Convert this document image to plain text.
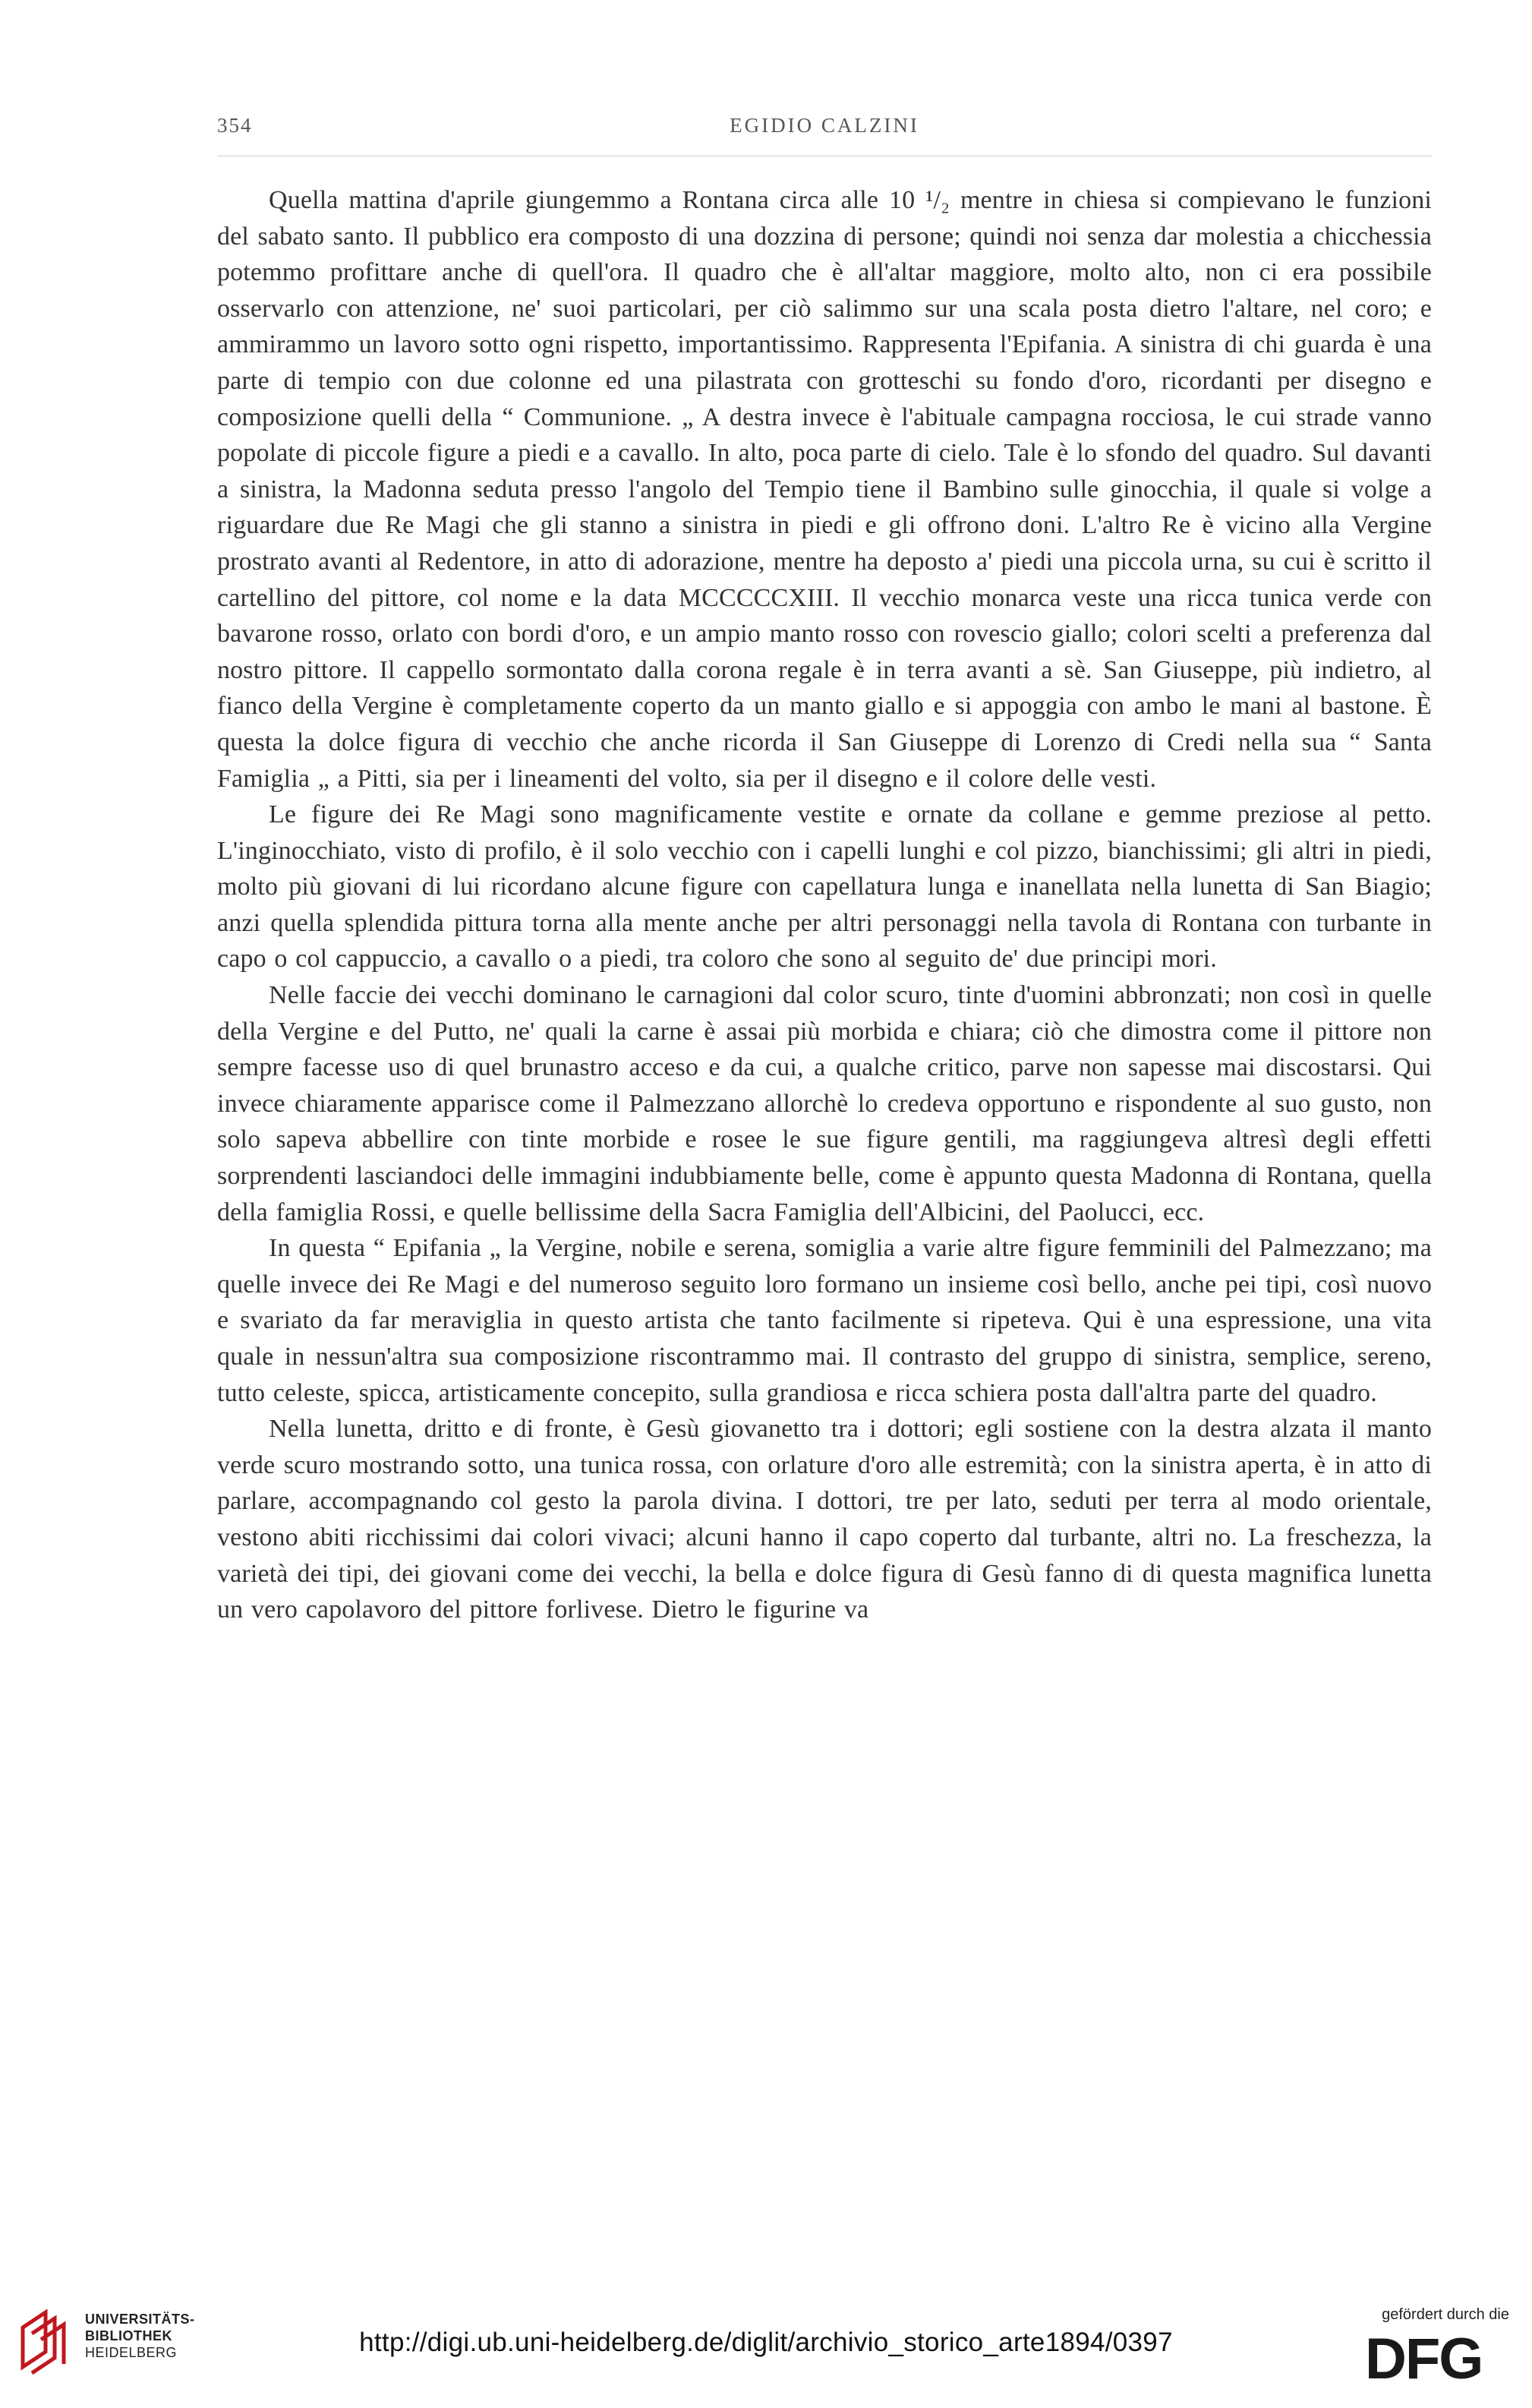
354	EGIDIO CALZINI

Quella mattina d'aprile giungemmo a Rontana circa alle 10 ¹/₂ mentre in chiesa si compievano le funzioni del sabato santo. Il pubblico era composto di una dozzina di persone; quindi noi senza dar molestia a chicchessia potemmo profittare anche di quell'ora. Il quadro che è all'altar maggiore, molto alto, non ci era possibile osservarlo con attenzione, ne' suoi particolari, per ciò salimmo sur una scala posta dietro l'altare, nel coro; e ammirammo un lavoro sotto ogni rispetto, importantissimo. Rappresenta l'Epifania. A sinistra di chi guarda è una parte di tempio con due colonne ed una pilastrata con grotteschi su fondo d'oro, ricordanti per disegno e composizione quelli della “ Communione. „ A destra invece è l'abituale campagna rocciosa, le cui strade vanno popolate di piccole figure a piedi e a cavallo. In alto, poca parte di cielo. Tale è lo sfondo del quadro. Sul davanti a sinistra, la Madonna seduta presso l'angolo del Tempio tiene il Bambino sulle ginocchia, il quale si volge a riguardare due Re Magi che gli stanno a sinistra in piedi e gli offrono doni. L'altro Re è vicino alla Vergine prostrato avanti al Redentore, in atto di adorazione, mentre ha deposto a' piedi una piccola urna, su cui è scritto il cartellino del pittore, col nome e la data MCCCCCXIII. Il vecchio monarca veste una ricca tunica verde con bavarone rosso, orlato con bordi d'oro, e un ampio manto rosso con rovescio giallo; colori scelti a preferenza dal nostro pittore. Il cappello sormontato dalla corona regale è in terra avanti a sè. San Giuseppe, più indietro, al fianco della Vergine è completamente coperto da un manto giallo e si appoggia con ambo le mani al bastone. È questa la dolce figura di vecchio che anche ricorda il San Giuseppe di Lorenzo di Credi nella sua “ Santa Famiglia „ a Pitti, sia per i lineamenti del volto, sia per il disegno e il colore delle vesti.

Le figure dei Re Magi sono magnificamente vestite e ornate da collane e gemme preziose al petto. L'inginocchiato, visto di profilo, è il solo vecchio con i capelli lunghi e col pizzo, bianchissimi; gli altri in piedi, molto più giovani di lui ricordano alcune figure con capellatura lunga e inanellata nella lunetta di San Biagio; anzi quella splendida pittura torna alla mente anche per altri personaggi nella tavola di Rontana con turbante in capo o col cappuccio, a cavallo o a piedi, tra coloro che sono al seguito de' due principi mori.

Nelle faccie dei vecchi dominano le carnagioni dal color scuro, tinte d'uomini abbronzati; non così in quelle della Vergine e del Putto, ne' quali la carne è assai più morbida e chiara; ciò che dimostra come il pittore non sempre facesse uso di quel brunastro acceso e da cui, a qualche critico, parve non sapesse mai discostarsi. Qui invece chiaramente apparisce come il Palmezzano allorchè lo credeva opportuno e rispondente al suo gusto, non solo sapeva abbellire con tinte morbide e rosee le sue figure gentili, ma raggiungeva altresì degli effetti sorprendenti lasciandoci delle immagini indubbiamente belle, come è appunto questa Madonna di Rontana, quella della famiglia Rossi, e quelle bellissime della Sacra Famiglia dell'Albicini, del Paolucci, ecc.

In questa “ Epifania „ la Vergine, nobile e serena, somiglia a varie altre figure femminili del Palmezzano; ma quelle invece dei Re Magi e del numeroso seguito loro formano un insieme così bello, anche pei tipi, così nuovo e svariato da far meraviglia in questo artista che tanto facilmente si ripeteva. Qui è una espressione, una vita quale in nessun'altra sua composizione riscontrammo mai. Il contrasto del gruppo di sinistra, semplice, sereno, tutto celeste, spicca, artisticamente concepito, sulla grandiosa e ricca schiera posta dall'altra parte del quadro.

Nella lunetta, dritto e di fronte, è Gesù giovanetto tra i dottori; egli sostiene con la destra alzata il manto verde scuro mostrando sotto, una tunica rossa, con orlature d'oro alle estremità; con la sinistra aperta, è in atto di parlare, accompagnando col gesto la parola divina. I dottori, tre per lato, seduti per terra al modo orientale, vestono abiti ricchissimi dai colori vivaci; alcuni hanno il capo coperto dal turbante, altri no. La freschezza, la varietà dei tipi, dei giovani come dei vecchi, la bella e dolce figura di Gesù fanno di di questa magnifica lunetta un vero capolavoro del pittore forlivese. Dietro le figurine va

UNIVERSITÄTS-
BIBLIOTHEK
HEIDELBERG	http://digi.ub.uni-heidelberg.de/diglit/archivio_storico_arte1894/0397
gefördert durch die
DFG
